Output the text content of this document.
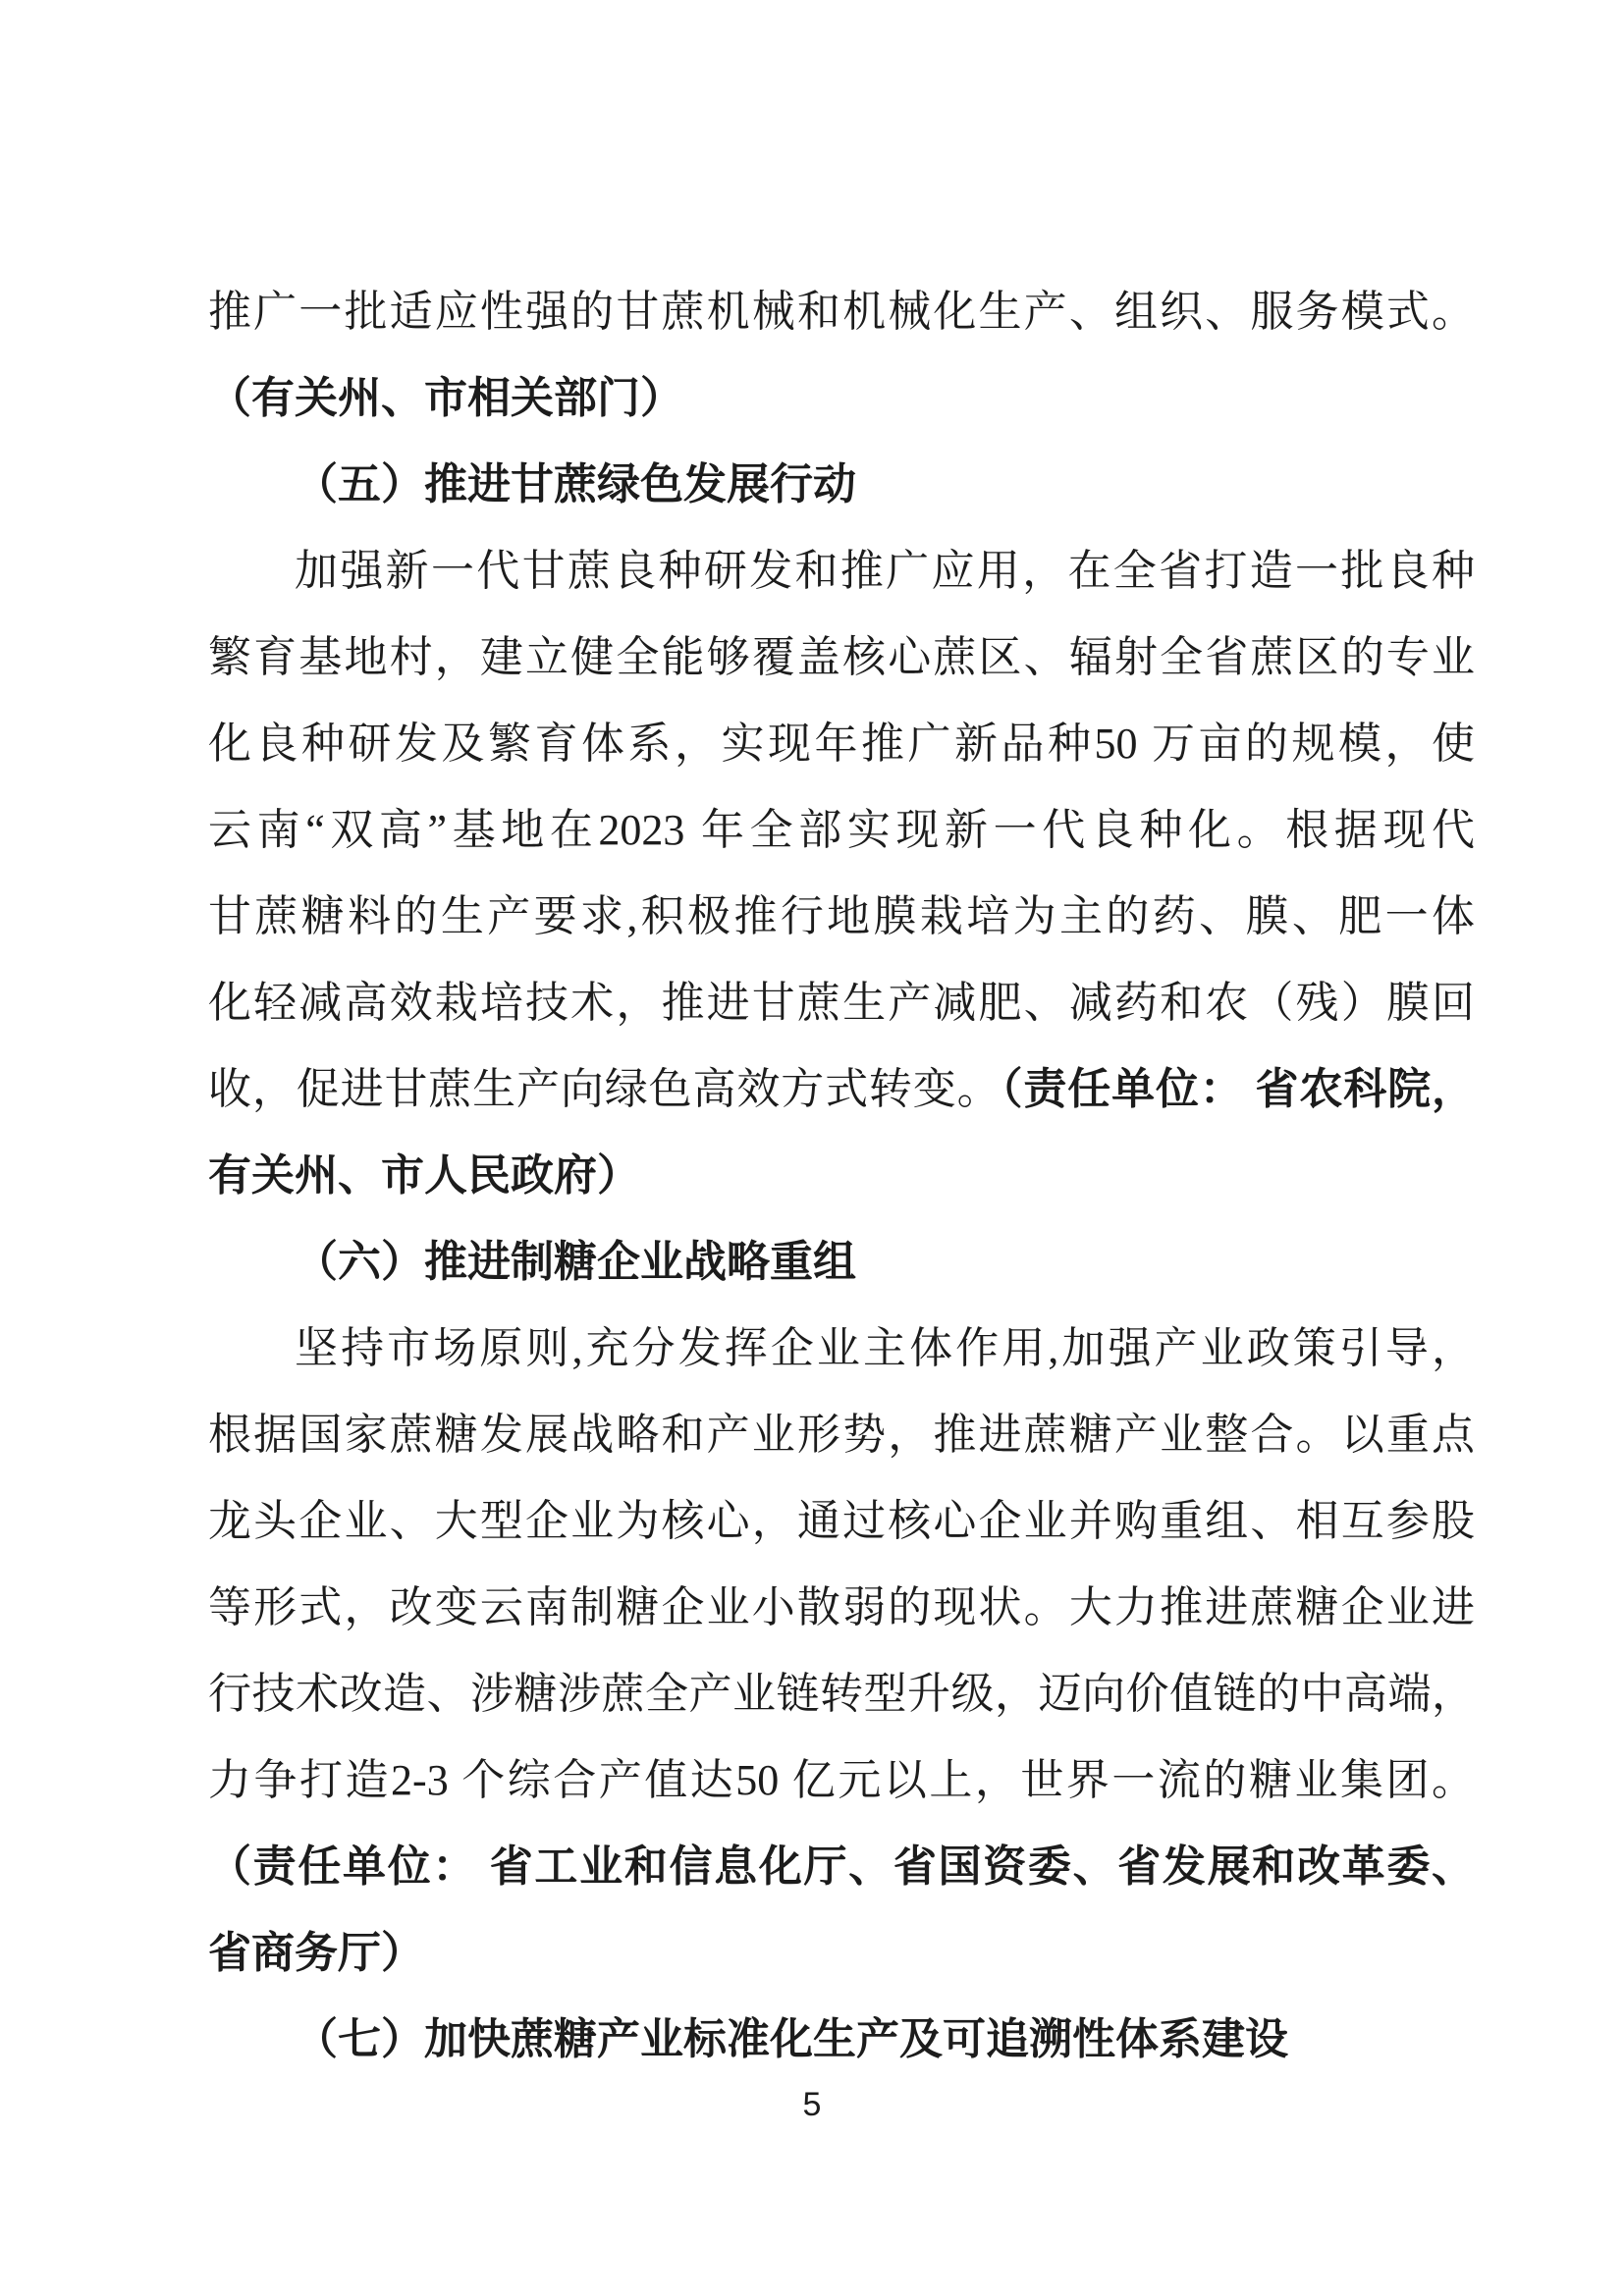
推广一批适应性强的甘蔗机械和机械化生产、组织、服务模式。
（有关州、市相关部门）
（五）推进甘蔗绿色发展行动
加强新一代甘蔗良种研发和推广应用，在全省打造一批良种
繁育基地村，建立健全能够覆盖核心蔗区、辐射全省蔗区的专业
化良种研发及繁育体系，实现年推广新品种50 万亩的规模，使
云南“双高”基地在2023 年全部实现新一代良种化。根据现代
甘蔗糖料的生产要求,积极推行地膜栽培为主的药、膜、肥一体
化轻减高效栽培技术，推进甘蔗生产减肥、减药和农（残）膜回
收，促进甘蔗生产向绿色高效方式转变。（责任单位： 省农科院，
有关州、市人民政府）
（六）推进制糖企业战略重组
坚持市场原则,充分发挥企业主体作用,加强产业政策引导，
根据国家蔗糖发展战略和产业形势，推进蔗糖产业整合。以重点
龙头企业、大型企业为核心，通过核心企业并购重组、相互参股
等形式，改变云南制糖企业小散弱的现状。大力推进蔗糖企业进
行技术改造、涉糖涉蔗全产业链转型升级，迈向价值链的中高端，
力争打造2-3 个综合产值达50 亿元以上，世界一流的糖业集团。
（责任单位： 省工业和信息化厅、省国资委、省发展和改革委、
省商务厅）
（七）加快蔗糖产业标准化生产及可追溯性体系建设
5
